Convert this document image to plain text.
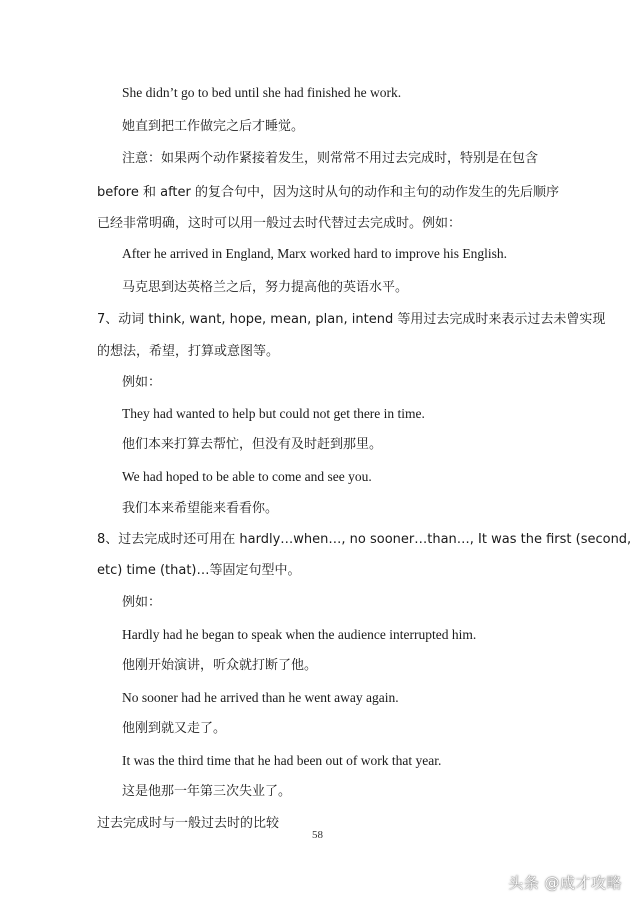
She didn’t go to bed until she had finished he work.
她直到把工作做完之后才睡觉。
注意：如果两个动作紧接着发生，则常常不用过去完成时，特别是在包含
before 和 after 的复合句中，因为这时从句的动作和主句的动作发生的先后顺序
已经非常明确，这时可以用一般过去时代替过去完成时。例如：
After he arrived in England, Marx worked hard to improve his English.
马克思到达英格兰之后，努力提高他的英语水平。
7、动词 think, want, hope, mean, plan, intend 等用过去完成时来表示过去未曾实现
的想法，希望，打算或意图等。
例如：
They had wanted to help but could not get there in time.
他们本来打算去帮忙，但没有及时赶到那里。
We had hoped to be able to come and see you.
我们本来希望能来看看你。
8、过去完成时还可用在 hardly…when…, no sooner…than…, It was the first (second,
etc) time (that)…等固定句型中。
例如：
Hardly had he began to speak when the audience interrupted him.
他刚开始演讲，听众就打断了他。
No sooner had he arrived than he went away again.
他刚到就又走了。
It was the third time that he had been out of work that year.
这是他那一年第三次失业了。
过去完成时与一般过去时的比较
58
头条 @成才攻略
